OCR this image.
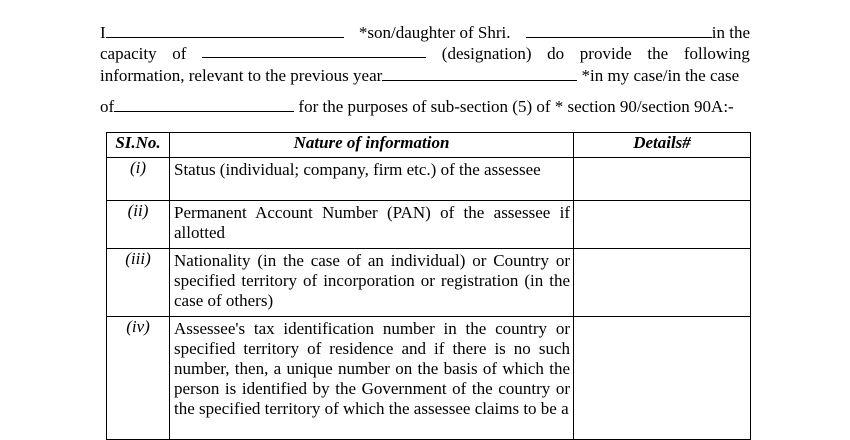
I	*son/daughter of Shri.	in the
capacity of	(designation) do provide the following
information, relevant to the previous year	*in my case/in the case
of	for the purposes of sub-section (5) of * section 90/section 90A:-
SI.No.	Nature of information	Details#
(i)	Status (individual; company, firm etc.) of the assessee	
(ii)	Permanent Account Number (PAN) of the assessee if allotted	
(iii)	Nationality (in the case of an individual) or Country or specified territory of incorporation or registration (in the case of others)	
(iv)	Assessee's tax identification number in the country or specified territory of residence and if there is no such number, then, a unique number on the basis of which the person is identified by the Government of the country or the specified territory of which the assessee claims to be a	
